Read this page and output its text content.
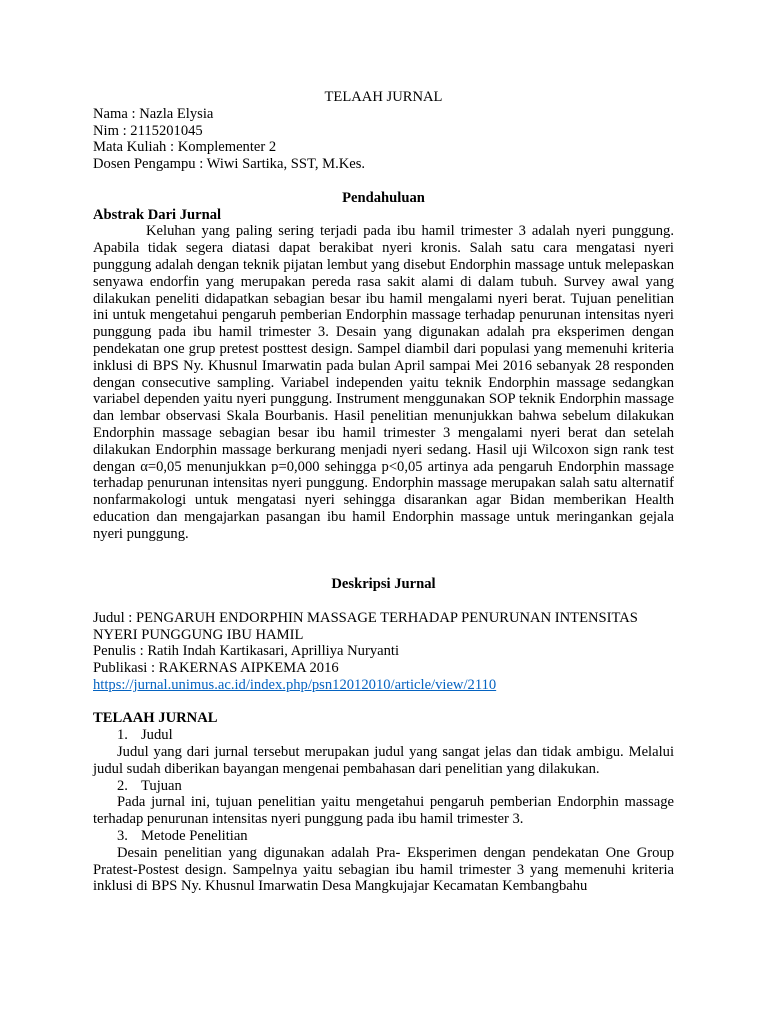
TELAAH JURNAL

Nama : Nazla Elysia

Nim : 2115201045

Mata Kuliah : Komplementer 2

Dosen Pengampu : Wiwi Sartika, SST, M.Kes.

Pendahuluan

Abstrak Dari Jurnal

Keluhan yang paling sering terjadi pada ibu hamil trimester 3 adalah nyeri punggung. Apabila tidak segera diatasi dapat berakibat nyeri kronis. Salah satu cara mengatasi nyeri punggung adalah dengan teknik pijatan lembut yang disebut Endorphin massage untuk melepaskan senyawa endorfin yang merupakan pereda rasa sakit alami di dalam tubuh. Survey awal yang dilakukan peneliti didapatkan sebagian besar ibu hamil mengalami nyeri berat. Tujuan penelitian ini untuk mengetahui pengaruh pemberian Endorphin massage terhadap penurunan intensitas nyeri punggung pada ibu hamil trimester 3. Desain yang digunakan adalah pra eksperimen dengan pendekatan one grup pretest posttest design. Sampel diambil dari populasi yang memenuhi kriteria inklusi di BPS Ny. Khusnul Imarwatin pada bulan April sampai Mei 2016 sebanyak 28 responden dengan consecutive sampling. Variabel independen yaitu teknik Endorphin massage sedangkan variabel dependen yaitu nyeri punggung. Instrument menggunakan SOP teknik Endorphin massage dan lembar observasi Skala Bourbanis. Hasil penelitian menunjukkan bahwa sebelum dilakukan Endorphin massage sebagian besar ibu hamil trimester 3 mengalami nyeri berat dan setelah dilakukan Endorphin massage berkurang menjadi nyeri sedang. Hasil uji Wilcoxon sign rank test dengan α=0,05 menunjukkan p=0,000 sehingga p<0,05 artinya ada pengaruh Endorphin massage terhadap penurunan intensitas nyeri punggung. Endorphin massage merupakan salah satu alternatif nonfarmakologi untuk mengatasi nyeri sehingga disarankan agar Bidan memberikan Health education dan mengajarkan pasangan ibu hamil Endorphin massage untuk meringankan gejala nyeri punggung.

Deskripsi Jurnal

Judul : PENGARUH ENDORPHIN MASSAGE TERHADAP PENURUNAN INTENSITAS NYERI PUNGGUNG IBU HAMIL

Penulis : Ratih Indah Kartikasari, Aprilliya Nuryanti

Publikasi : RAKERNAS AIPKEMA 2016

https://jurnal.unimus.ac.id/index.php/psn12012010/article/view/2110

TELAAH JURNAL

1. Judul

Judul yang dari jurnal tersebut merupakan judul yang sangat jelas dan tidak ambigu. Melalui judul sudah diberikan bayangan mengenai pembahasan dari penelitian yang dilakukan.

2. Tujuan

Pada jurnal ini, tujuan penelitian yaitu mengetahui pengaruh pemberian Endorphin massage terhadap penurunan intensitas nyeri punggung pada ibu hamil trimester 3.

3. Metode Penelitian

Desain penelitian yang digunakan adalah Pra- Eksperimen dengan pendekatan One Group Pratest-Postest design. Sampelnya yaitu sebagian ibu hamil trimester 3 yang memenuhi kriteria inklusi di BPS Ny. Khusnul Imarwatin Desa Mangkujajar Kecamatan Kembangbahu
